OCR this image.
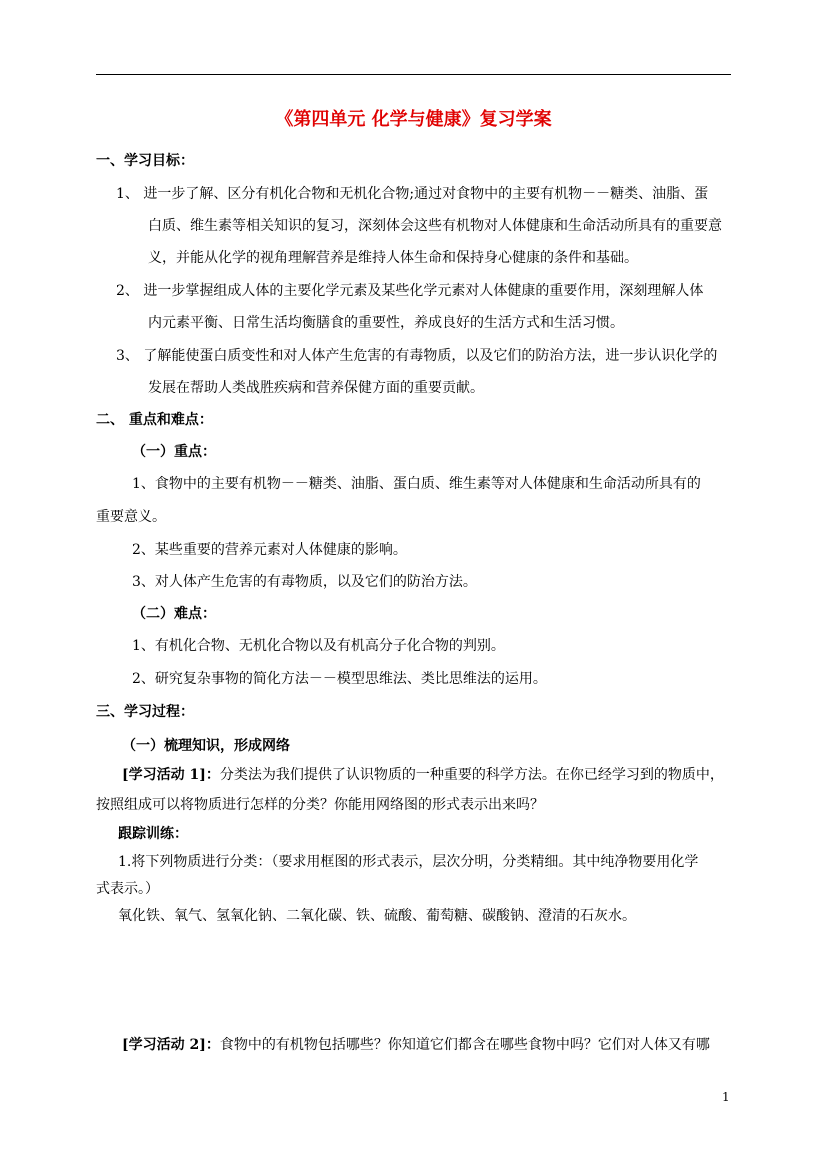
《第四单元 化学与健康》复习学案
一、学习目标：
1、 进一步了解、区分有机化合物和无机化合物;通过对食物中的主要有机物－－糖类、油脂、蛋
白质、维生素等相关知识的复习，深刻体会这些有机物对人体健康和生命活动所具有的重要意
义，并能从化学的视角理解营养是维持人体生命和保持身心健康的条件和基础。
2、 进一步掌握组成人体的主要化学元素及某些化学元素对人体健康的重要作用，深刻理解人体
内元素平衡、日常生活均衡膳食的重要性，养成良好的生活方式和生活习惯。
3、 了解能使蛋白质变性和对人体产生危害的有毒物质，以及它们的防治方法，进一步认识化学的
发展在帮助人类战胜疾病和营养保健方面的重要贡献。
二、 重点和难点：
（一）重点：
1、食物中的主要有机物－－糖类、油脂、蛋白质、维生素等对人体健康和生命活动所具有的
重要意义。
2、某些重要的营养元素对人体健康的影响。
3、对人体产生危害的有毒物质，以及它们的防治方法。
（二）难点：
1、有机化合物、无机化合物以及有机高分子化合物的判别。
2、研究复杂事物的简化方法－－模型思维法、类比思维法的运用。
三、学习过程：
（一）梳理知识，形成网络
[学习活动 1]：分类法为我们提供了认识物质的一种重要的科学方法。在你已经学习到的物质中，
按照组成可以将物质进行怎样的分类？你能用网络图的形式表示出来吗？
跟踪训练：
1.将下列物质进行分类：（要求用框图的形式表示，层次分明，分类精细。其中纯净物要用化学
式表示。）
氧化铁、氧气、氢氧化钠、二氧化碳、铁、硫酸、葡萄糖、碳酸钠、澄清的石灰水。
[学习活动 2]：食物中的有机物包括哪些？你知道它们都含在哪些食物中吗？它们对人体又有哪
1
